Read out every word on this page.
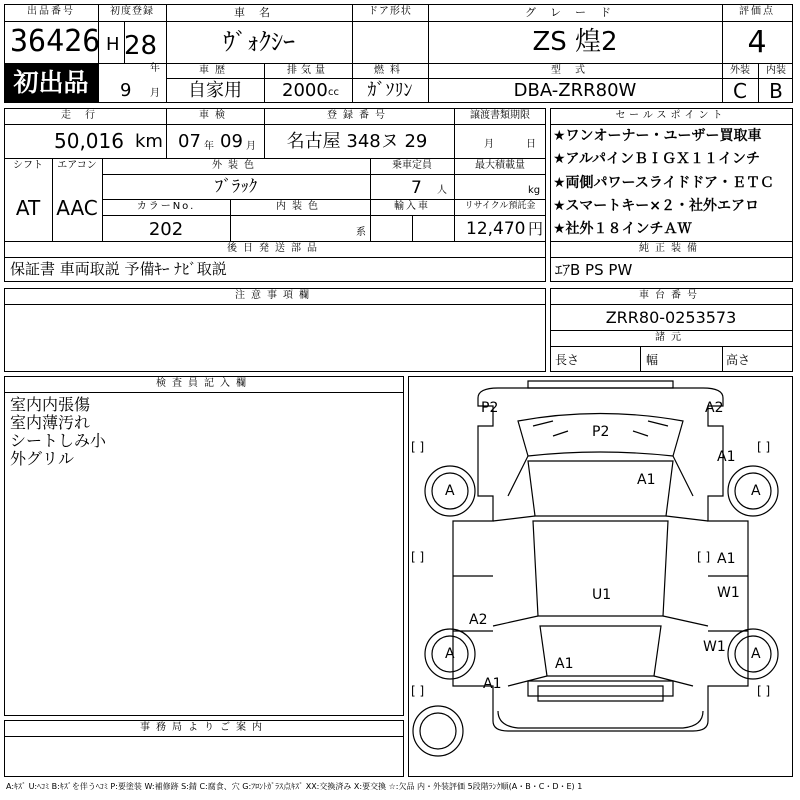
出品番号
36426
初出品
初度登録
H 28
年
9 月
車名
ｳﾞｫｸｼｰ
ドア形状	グレード
ZS 煌2
評価点
4
車歴
自家用
排気量
2000 cc
燃料
ｶﾞｿﾘﾝ
型式
DBA-ZRR80W
外装 内装
C B
走行
50,016 km
車検
07 年 09 月
登録番号
名古屋 348ヌ 29
譲渡書類期限
月	日
シフト エアコン
AT AAC
外装色
ﾌﾞﾗｯｸ
乗車定員
7 人
最大積載量
kg
カラーNo.
202
内装色
系
輸入車	リサイクル預託金
12,470 円
後日発送部品
保証書 車両取説 予備ｷｰ ﾅﾋﾞ取説
セールスポイント
★ワンオーナー・ユーザー買取車
★アルパインＢＩＧＸ１１インチ
★両側パワースライドドア・ＥＴＣ
★スマートキー×２・社外エアロ
★社外１８インチＡＷ
純正装備
ｴｱB PS PW
注意事項欄	車台番号
ZRR80-0253573
諸元
長さ	幅	高さ
検査員記入欄
室内内張傷
室内薄汚れ
シートしみ小
外グリル
事務局よりご案内
P2	A2
P2
A1
A1
A	A
A1
W1
U1
A2
A	W1 A
A1
A1
[ ]	[ ]
[ ]
[ ]
[ ]	[ ]
A:ｷｽﾞ U:ﾍｺﾐ B:ｷｽﾞを伴うﾍｺﾐ P:要塗装 W:補修跡 S:錆 C:腐食、穴 G:ﾌﾛﾝﾄｶﾞﾗｽ点ｷｽﾞ XX:交換済み X:要交換 ☆:欠品 内・外装評価 5段階ﾗﾝｸ順(A・B・C・D・E) 1
